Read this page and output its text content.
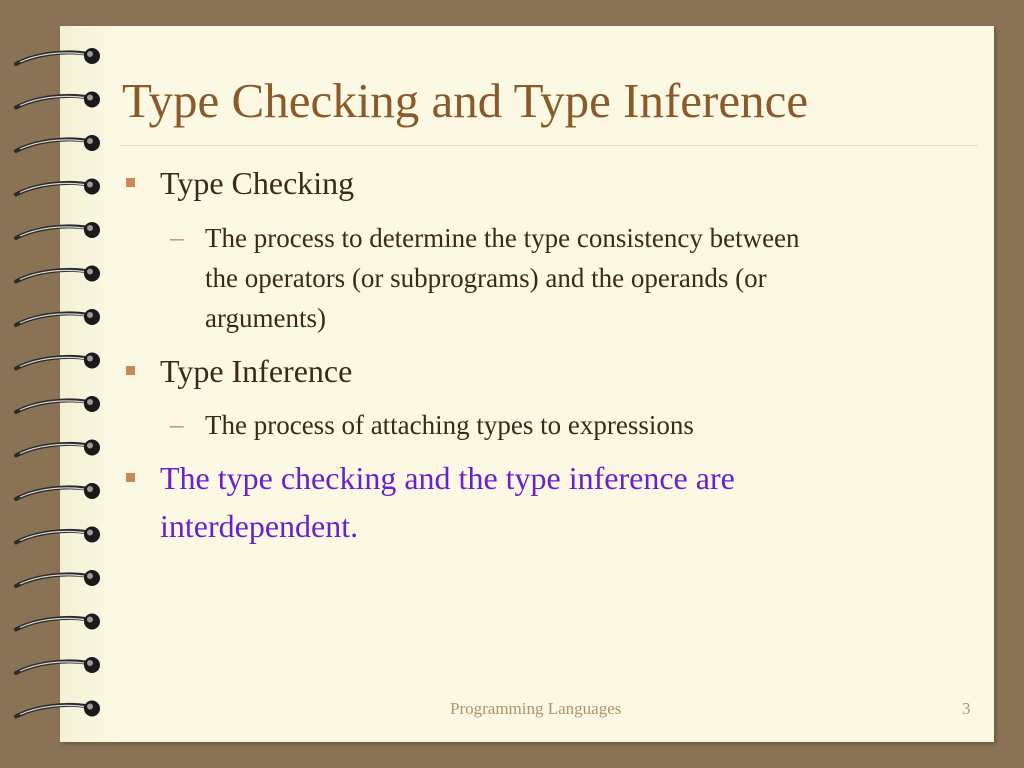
Type Checking and Type Inference
Type Checking
– The process to determine the type consistency between
the operators (or subprograms) and the operands (or
arguments)
Type Inference
– The process of attaching types to expressions
The type checking and the type inference are
interdependent.
Programming Languages	3
